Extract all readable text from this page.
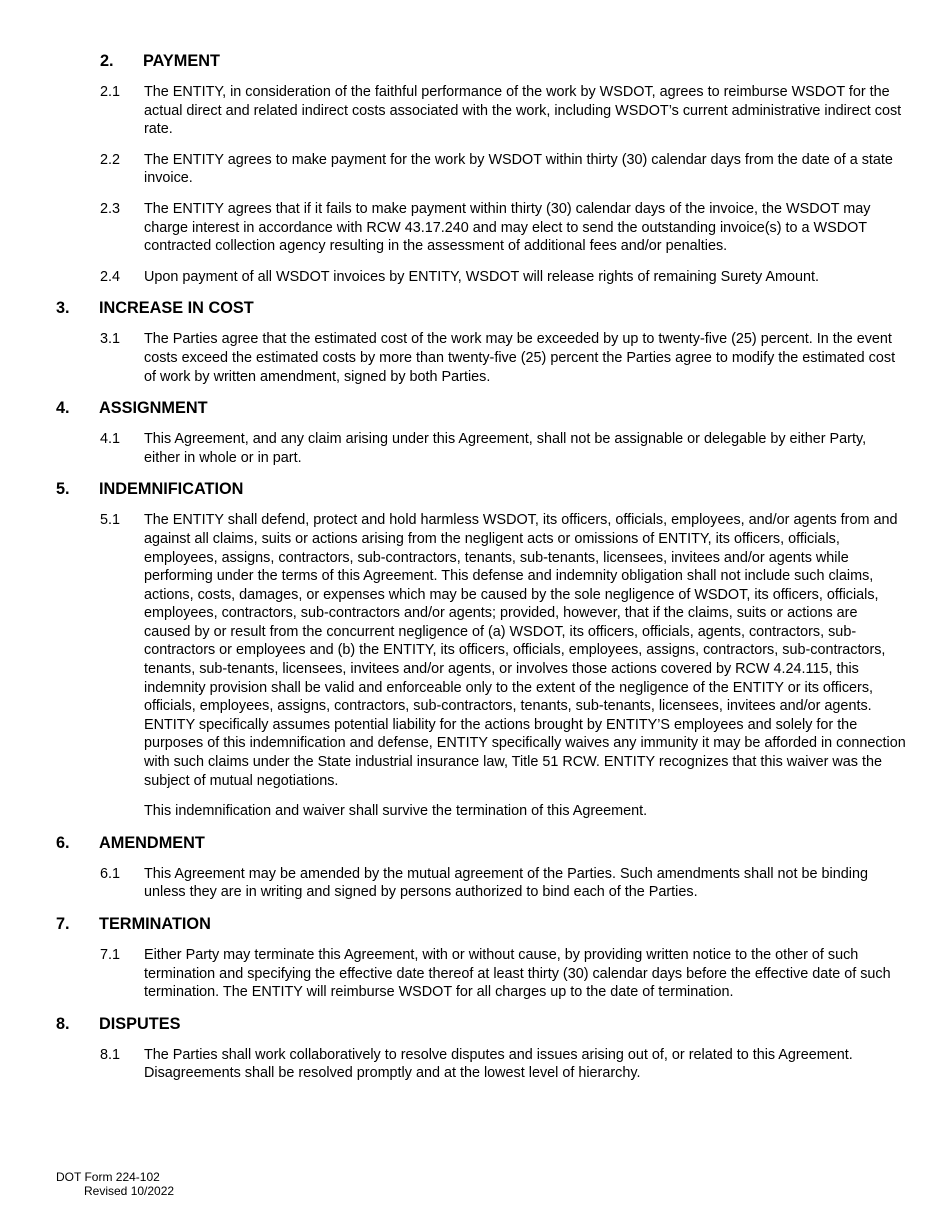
2.	PAYMENT
2.1	The ENTITY, in consideration of the faithful performance of the work by WSDOT, agrees to reimburse WSDOT for the actual direct and related indirect costs associated with the work, including WSDOT’s current administrative indirect cost rate.
2.2	The ENTITY agrees to make payment for the work by WSDOT within thirty (30) calendar days from the date of a state invoice.
2.3	The ENTITY agrees that if it fails to make payment within thirty (30) calendar days of the invoice, the WSDOT may charge interest in accordance with RCW 43.17.240 and may elect to send the outstanding invoice(s) to a WSDOT contracted collection agency resulting in the assessment of additional fees and/or penalties.
2.4	Upon payment of all WSDOT invoices by ENTITY, WSDOT will release rights of remaining Surety Amount.
3.	INCREASE IN COST
3.1	The Parties agree that the estimated cost of the work may be exceeded by up to twenty-five (25) percent. In the event costs exceed the estimated costs by more than twenty-five (25) percent the Parties agree to modify the estimated cost of work by written amendment, signed by both Parties.
4.	ASSIGNMENT
4.1	This Agreement, and any claim arising under this Agreement, shall not be assignable or delegable by either Party, either in whole or in part.
5.	INDEMNIFICATION
5.1	The ENTITY shall defend, protect and hold harmless WSDOT, its officers, officials, employees, and/or agents from and against all claims, suits or actions arising from the negligent acts or omissions of ENTITY, its officers, officials, employees, assigns, contractors, sub-contractors, tenants, sub-tenants, licensees, invitees and/or agents while performing under the terms of this Agreement. This defense and indemnity obligation shall not include such claims, actions, costs, damages, or expenses which may be caused by the sole negligence of WSDOT, its officers, officials, employees, contractors, sub-contractors and/or agents; provided, however, that if the claims, suits or actions are caused by or result from the concurrent negligence of (a) WSDOT, its officers, officials, agents, contractors, sub-contractors or employees and (b) the ENTITY, its officers, officials, employees, assigns, contractors, sub-contractors, tenants, sub-tenants, licensees, invitees and/or agents, or involves those actions covered by RCW 4.24.115, this indemnity provision shall be valid and enforceable only to the extent of the negligence of the ENTITY or its officers, officials, employees, assigns, contractors, sub-contractors, tenants, sub-tenants, licensees, invitees and/or agents. ENTITY specifically assumes potential liability for the actions brought by ENTITY’S employees and solely for the purposes of this indemnification and defense, ENTITY specifically waives any immunity it may be afforded in connection with such claims under the State industrial insurance law, Title 51 RCW. ENTITY recognizes that this waiver was the subject of mutual negotiations.
This indemnification and waiver shall survive the termination of this Agreement.
6.	AMENDMENT
6.1	This Agreement may be amended by the mutual agreement of the Parties. Such amendments shall not be binding unless they are in writing and signed by persons authorized to bind each of the Parties.
7.	TERMINATION
7.1	Either Party may terminate this Agreement, with or without cause, by providing written notice to the other of such termination and specifying the effective date thereof at least thirty (30) calendar days before the effective date of such termination. The ENTITY will reimburse WSDOT for all charges up to the date of termination.
8.	DISPUTES
8.1	The Parties shall work collaboratively to resolve disputes and issues arising out of, or related to this Agreement. Disagreements shall be resolved promptly and at the lowest level of hierarchy.
DOT Form 224-102
Revised 10/2022
